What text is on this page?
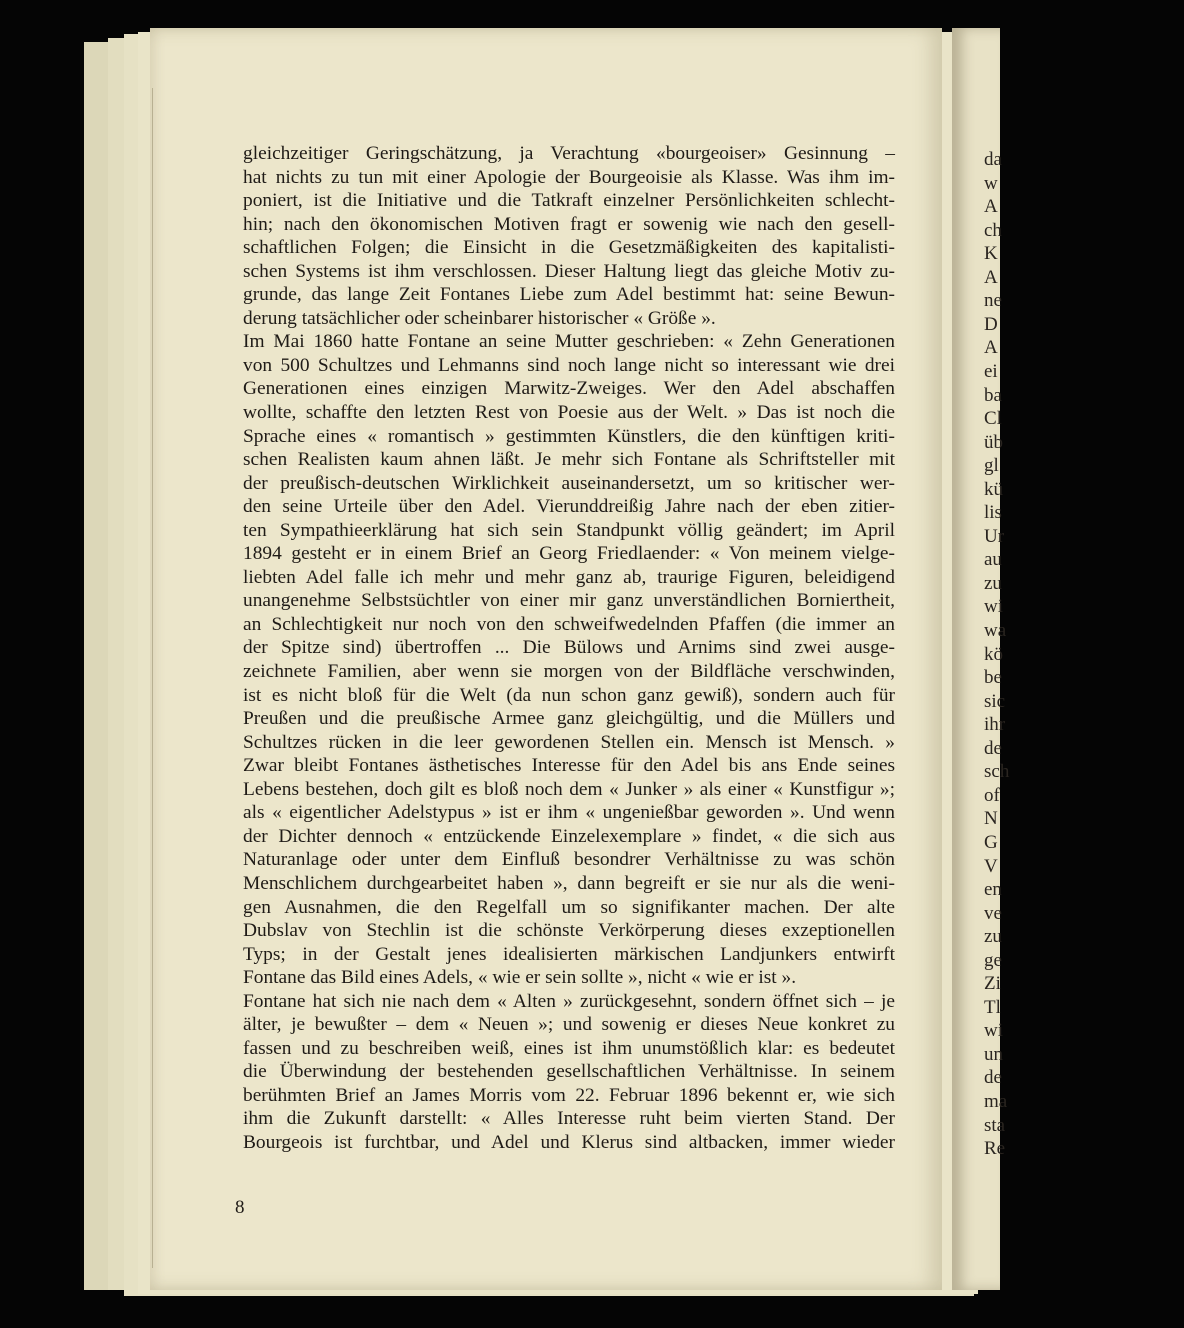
da
w
A
ch
K
A
ne
D
A
ei
ba
Cl
üb
gl
kü
lis
Ur
au
zu
wi
wa
kö
be
sic
ihr
de
sch
of
N
G
V
en
ve
zu
ge
Zi
Tl
wi
un
de
ma
sta
Re
gleichzeitiger Geringschätzung, ja Verachtung «bourgeoiser» Gesinnung –
hat nichts zu tun mit einer Apologie der Bourgeoisie als Klasse. Was ihm im-
poniert, ist die Initiative und die Tatkraft einzelner Persönlichkeiten schlecht-
hin; nach den ökonomischen Motiven fragt er sowenig wie nach den gesell-
schaftlichen Folgen; die Einsicht in die Gesetzmäßigkeiten des kapitalisti-
schen Systems ist ihm verschlossen. Dieser Haltung liegt das gleiche Motiv zu-
grunde, das lange Zeit Fontanes Liebe zum Adel bestimmt hat: seine Bewun-
derung tatsächlicher oder scheinbarer historischer « Größe ».
Im Mai 1860 hatte Fontane an seine Mutter geschrieben: « Zehn Generationen
von 500 Schultzes und Lehmanns sind noch lange nicht so interessant wie drei
Generationen eines einzigen Marwitz-Zweiges. Wer den Adel abschaffen
wollte, schaffte den letzten Rest von Poesie aus der Welt. » Das ist noch die
Sprache eines « romantisch » gestimmten Künstlers, die den künftigen kriti-
schen Realisten kaum ahnen läßt. Je mehr sich Fontane als Schriftsteller mit
der preußisch-deutschen Wirklichkeit auseinandersetzt, um so kritischer wer-
den seine Urteile über den Adel. Vierunddreißig Jahre nach der eben zitier-
ten Sympathieerklärung hat sich sein Standpunkt völlig geändert; im April
1894 gesteht er in einem Brief an Georg Friedlaender: « Von meinem vielge-
liebten Adel falle ich mehr und mehr ganz ab, traurige Figuren, beleidigend
unangenehme Selbstsüchtler von einer mir ganz unverständlichen Borniertheit,
an Schlechtigkeit nur noch von den schweifwedelnden Pfaffen (die immer an
der Spitze sind) übertroffen ... Die Bülows und Arnims sind zwei ausge-
zeichnete Familien, aber wenn sie morgen von der Bildfläche verschwinden,
ist es nicht bloß für die Welt (da nun schon ganz gewiß), sondern auch für
Preußen und die preußische Armee ganz gleichgültig, und die Müllers und
Schultzes rücken in die leer gewordenen Stellen ein. Mensch ist Mensch. »
Zwar bleibt Fontanes ästhetisches Interesse für den Adel bis ans Ende seines
Lebens bestehen, doch gilt es bloß noch dem « Junker » als einer « Kunstfigur »;
als « eigentlicher Adelstypus » ist er ihm « ungenießbar geworden ». Und wenn
der Dichter dennoch « entzückende Einzelexemplare » findet, « die sich aus
Naturanlage oder unter dem Einfluß besondrer Verhältnisse zu was schön
Menschlichem durchgearbeitet haben », dann begreift er sie nur als die weni-
gen Ausnahmen, die den Regelfall um so signifikanter machen. Der alte
Dubslav von Stechlin ist die schönste Verkörperung dieses exzeptionellen
Typs; in der Gestalt jenes idealisierten märkischen Landjunkers entwirft
Fontane das Bild eines Adels, « wie er sein sollte », nicht « wie er ist ».
Fontane hat sich nie nach dem « Alten » zurückgesehnt, sondern öffnet sich – je
älter, je bewußter – dem « Neuen »; und sowenig er dieses Neue konkret zu
fassen und zu beschreiben weiß, eines ist ihm unumstößlich klar: es bedeutet
die Überwindung der bestehenden gesellschaftlichen Verhältnisse. In seinem
berühmten Brief an James Morris vom 22. Februar 1896 bekennt er, wie sich
ihm die Zukunft darstellt: « Alles Interesse ruht beim vierten Stand. Der
Bourgeois ist furchtbar, und Adel und Klerus sind altbacken, immer wieder
8
